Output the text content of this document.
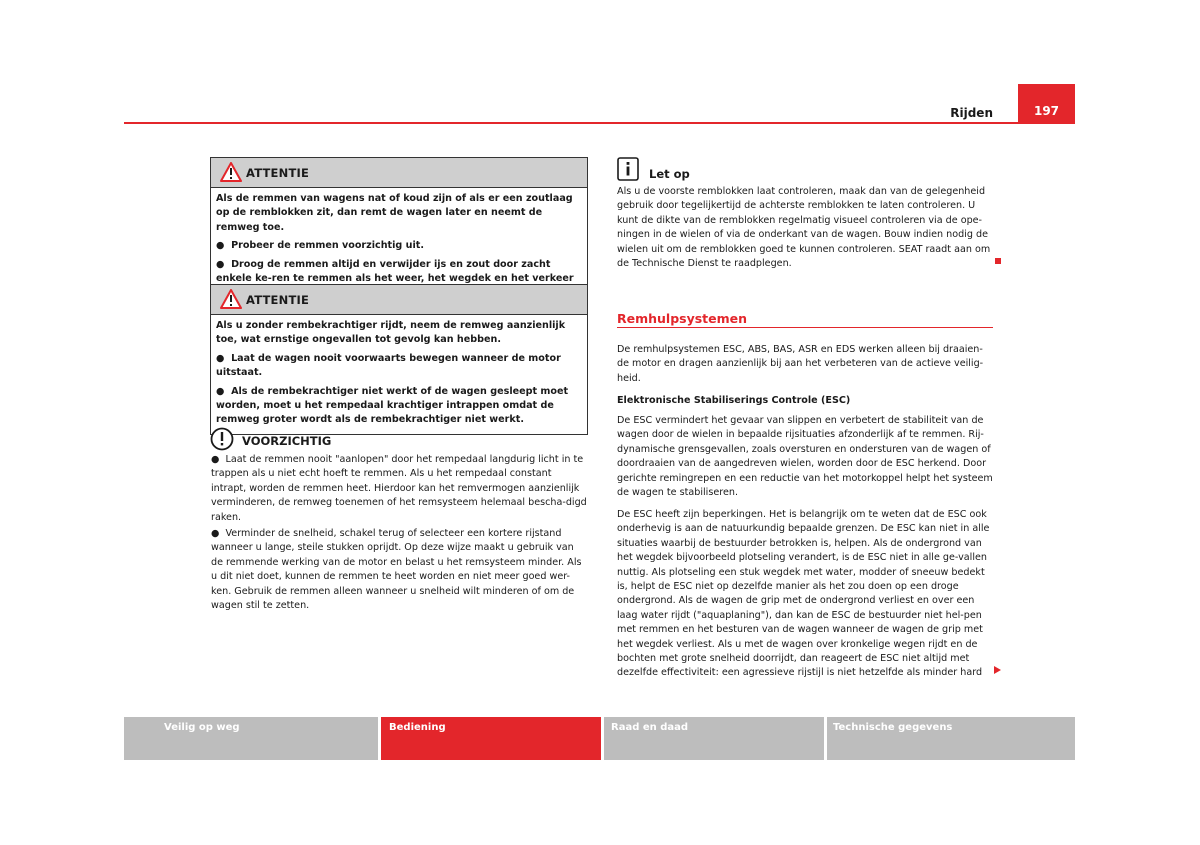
Rijden	197
ATTENTIE

Als de remmen van wagens nat of koud zijn of als er een zoutlaag op de remblokken zit, dan remt de wagen later en neemt de remweg toe.

●  Probeer de remmen voorzichtig uit.
●  Droog de remmen altijd en verwijder ijs en zout door zacht enkele ke-ren te remmen als het weer, het wegdek en het verkeer
ATTENTIE

Als u zonder rembekrachtiger rijdt, neem de remweg aanzienlijk toe, wat ernstige ongevallen tot gevolg kan hebben.

●  Laat de wagen nooit voorwaarts bewegen wanneer de motor uitstaat.
●  Als de rembekrachtiger niet werkt of de wagen gesleept moet worden, moet u het rempedaal krachtiger intrappen omdat de remweg groter wordt als de rembekrachtiger niet werkt.
VOORZICHTIG

●  Laat de remmen nooit "aanlopen" door het rempedaal langdurig licht in te trappen als u niet echt hoeft te remmen. Als u het rempedaal constant intrapt, worden de remmen heet. Hierdoor kan het remvermogen aanzienlijk verminderen, de remweg toenemen of het remsysteem helemaal bescha-digd raken.

●  Verminder de snelheid, schakel terug of selecteer een kortere rijstand wanneer u lange, steile stukken oprijdt. Op deze wijze maakt u gebruik van de remmende werking van de motor en belast u het remsysteem minder. Als u dit niet doet, kunnen de remmen te heet worden en niet meer goed wer-ken. Gebruik de remmen alleen wanneer u snelheid wilt minderen of om de wagen stil te zetten.

Let op
Als u de voorste remblokken laat controleren, maak dan van de gelegenheid gebruik door tegelijkertijd de achterste remblokken te laten controleren. U kunt de dikte van de remblokken regelmatig visueel controleren via de ope-ningen in de wielen of via de onderkant van de wagen. Bouw indien nodig de wielen uit om de remblokken goed te kunnen controleren. SEAT raadt aan om de Technische Dienst te raadplegen.
Remhulpsystemen
De remhulpsystemen ESC, ABS, BAS, ASR en EDS werken alleen bij draaien-de motor en dragen aanzienlijk bij aan het verbeteren van de actieve veilig-heid.
Elektronische Stabiliserings Controle (ESC)
De ESC vermindert het gevaar van slippen en verbetert de stabiliteit van de wagen door de wielen in bepaalde rijsituaties afzonderlijk af te remmen. Rij-dynamische grensgevallen, zoals oversturen en ondersturen van de wagen of doordraaien van de aangedreven wielen, worden door de ESC herkend. Door gerichte remingrepen en een reductie van het motorkoppel helpt het systeem de wagen te stabiliseren.
De ESC heeft zijn beperkingen. Het is belangrijk om te weten dat de ESC ook onderhevig is aan de natuurkundig bepaalde grenzen. De ESC kan niet in alle situaties waarbij de bestuurder betrokken is, helpen. Als de ondergrond van het wegdek bijvoorbeeld plotseling verandert, is de ESC niet in alle ge-vallen nuttig. Als plotseling een stuk wegdek met water, modder of sneeuw bedekt is, helpt de ESC niet op dezelfde manier als het zou doen op een droge ondergrond. Als de wagen de grip met de ondergrond verliest en over een laag water rijdt ("aquaplaning"), dan kan de ESC de bestuurder niet hel-pen met remmen en het besturen van de wagen wanneer de wagen de grip met het wegdek verliest. Als u met de wagen over kronkelige wegen rijdt en de bochten met grote snelheid doorrijdt, dan reageert de ESC niet altijd met dezelfde effectiviteit: een agressieve rijstijl is niet hetzelfde als minder hard
Veilig op weg	Bediening	Raad en daad	Technische gegevens
